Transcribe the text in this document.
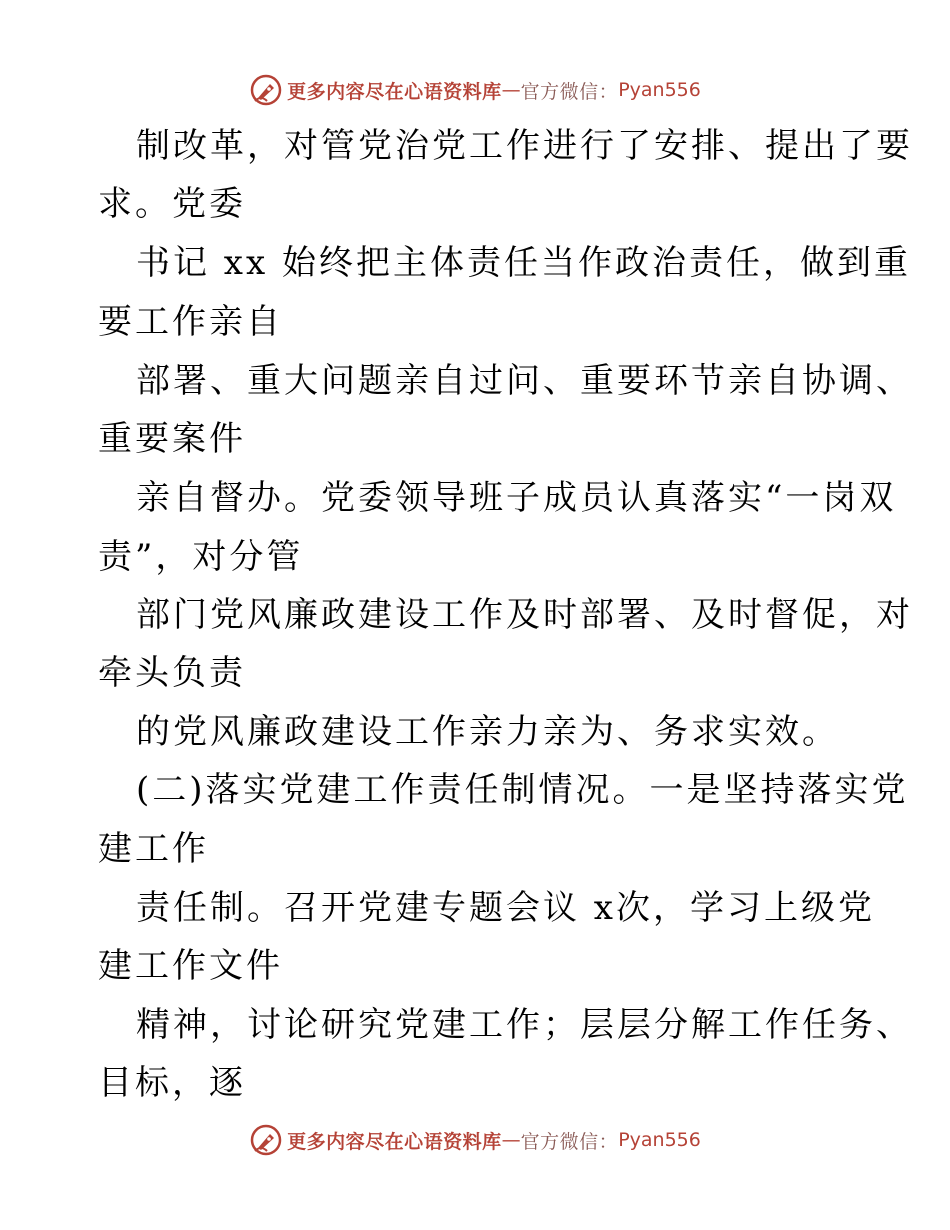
更多内容尽在心语资料库 — 官方微信： Pyan556
制改革，对管党治党工作进行了安排、提出了要
求。党委
书记 xx 始终把主体责任当作政治责任，做到重
要工作亲自
部署、重大问题亲自过问、重要环节亲自协调、
重要案件
亲自督办。党委领导班子成员认真落实“一岗双
责”，对分管
部门党风廉政建设工作及时部署、及时督促，对
牵头负责
的党风廉政建设工作亲力亲为、务求实效。
(二)落实党建工作责任制情况。一是坚持落实党
建工作
责任制。召开党建专题会议 x次，学习上级党
建工作文件
精神，讨论研究党建工作；层层分解工作任务、
目标，逐
更多内容尽在心语资料库 — 官方微信： Pyan556
